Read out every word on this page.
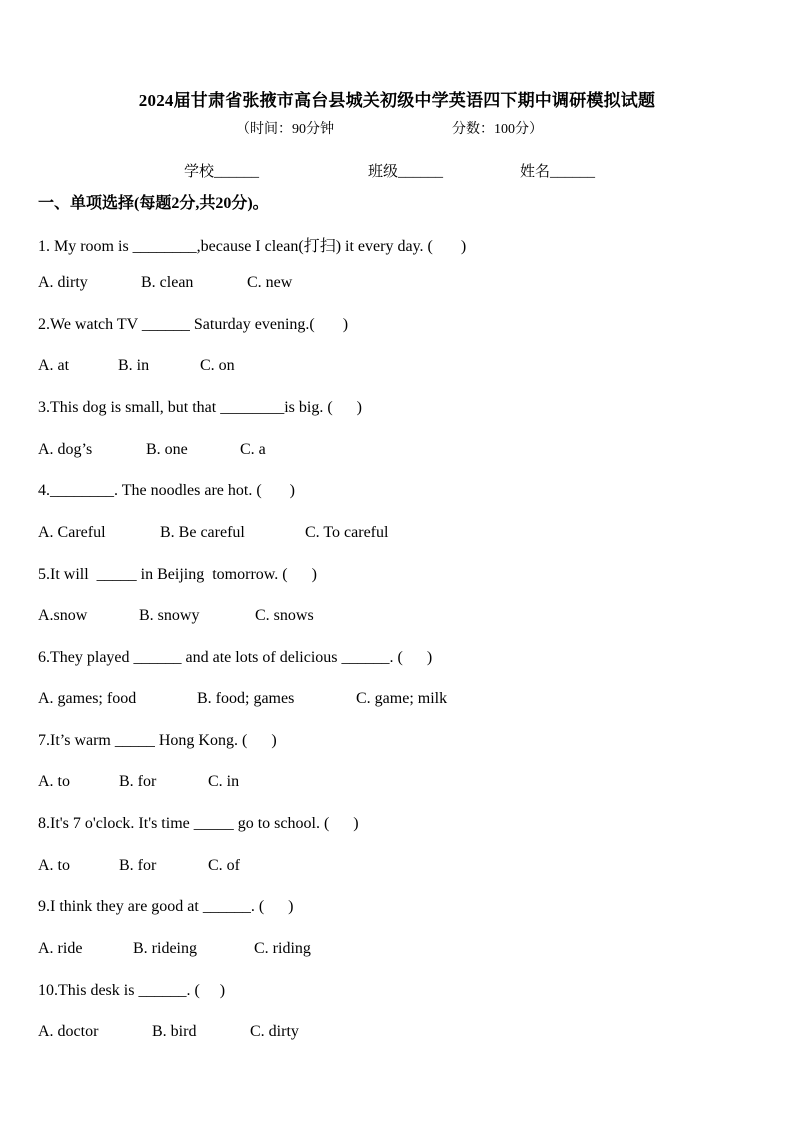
2024届甘肃省张掖市高台县城关初级中学英语四下期中调研模拟试题
（时间：90分钟	分数：100分）
学校______	班级______	姓名______
一、单项选择(每题2分,共20分)。
1. My room is ________,because I clean(打扫) it every day. (       )
A. dirty	B. clean	C. new
2.We watch TV ______ Saturday evening.(       )
A. at	B. in	C. on
3.This dog is small, but that ________is big. (      )
A. dog’s	B. one	C. a
4.________. The noodles are hot. (       )
A. Careful	B. Be careful	C. To careful
5.It will  _____ in Beijing  tomorrow. (      )
A.snow	B. snowy	C. snows
6.They played ______ and ate lots of delicious ______. (      )
A. games; food	B. food; games	C. game; milk
7.It’s warm _____ Hong Kong. (      )
A. to	B. for	C. in
8.It's 7 o'clock. It's time _____ go to school. (      )
A. to	B. for	C. of
9.I think they are good at ______. (      )
A. ride	B. rideing	C. riding
10.This desk is ______. (     )
A. doctor	B. bird	C. dirty
